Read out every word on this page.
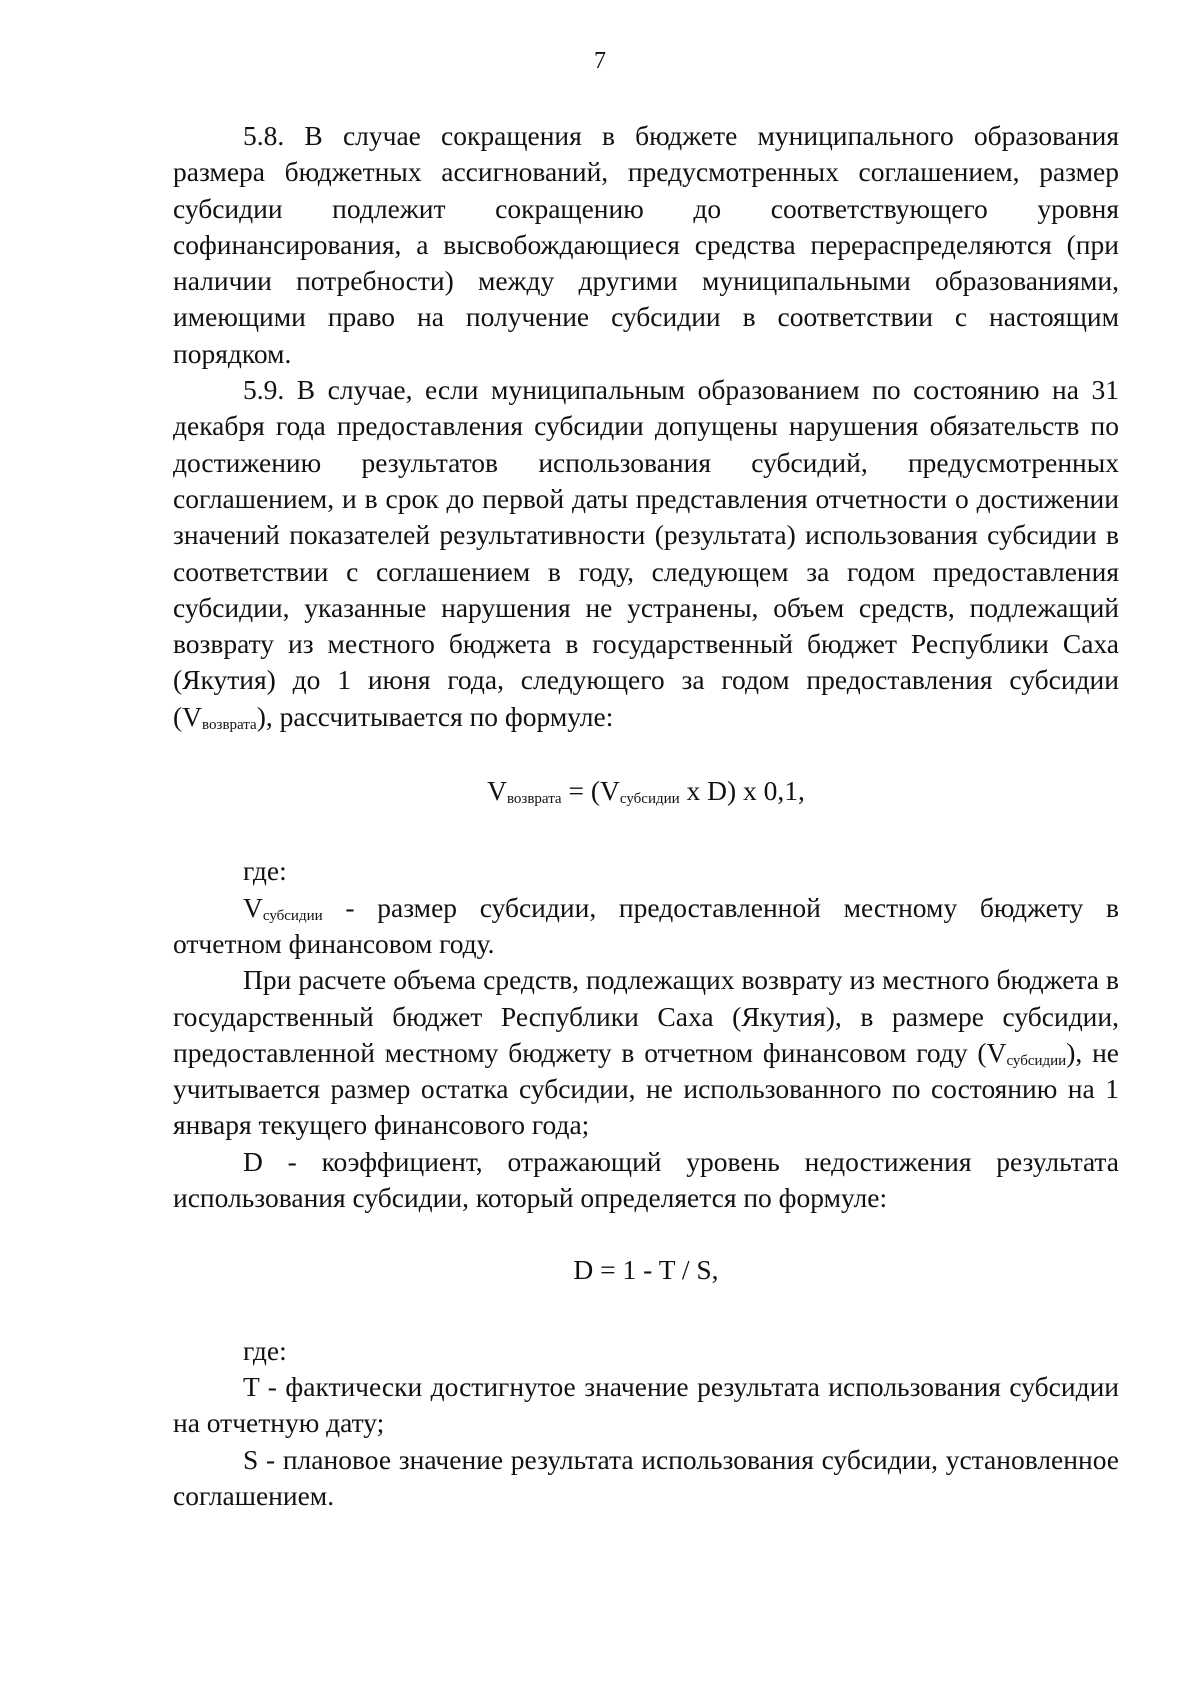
7

5.8. В случае сокращения в бюджете муниципального образования размера бюджетных ассигнований, предусмотренных соглашением, размер субсидии подлежит сокращению до соответствующего уровня софинансирования, а высвобождающиеся средства перераспределяются (при наличии потребности) между другими муниципальными образованиями, имеющими право на получение субсидии в соответствии с настоящим порядком.

5.9. В случае, если муниципальным образованием по состоянию на 31 декабря года предоставления субсидии допущены нарушения обязательств по достижению результатов использования субсидий, предусмотренных соглашением, и в срок до первой даты представления отчетности о достижении значений показателей результативности (результата) использования субсидии в соответствии с соглашением в году, следующем за годом предоставления субсидии, указанные нарушения не устранены, объем средств, подлежащий возврату из местного бюджета в государственный бюджет Республики Саха (Якутия) до 1 июня года, следующего за годом предоставления субсидии $(V_{возврата})$, рассчитывается по формуле:

$V_{возврата} = (V_{субсидии}$ x D) x 0,1,

где:

$V_{субсидии}$ - размер субсидии, предоставленной местному бюджету в отчетном финансовом году.

При расчете объема средств, подлежащих возврату из местного бюджета в государственный бюджет Республики Саха (Якутия), в размере субсидии, предоставленной местному бюджету в отчетном финансовом году $(V_{субсидии})$, не учитывается размер остатка субсидии, не использованного по состоянию на 1 января текущего финансового года;

D - коэффициент, отражающий уровень недостижения результата использования субсидии, который определяется по формуле:

D = 1 - T / S,

где:

T - фактически достигнутое значение результата использования субсидии на отчетную дату;

S - плановое значение результата использования субсидии, установленное соглашением.
